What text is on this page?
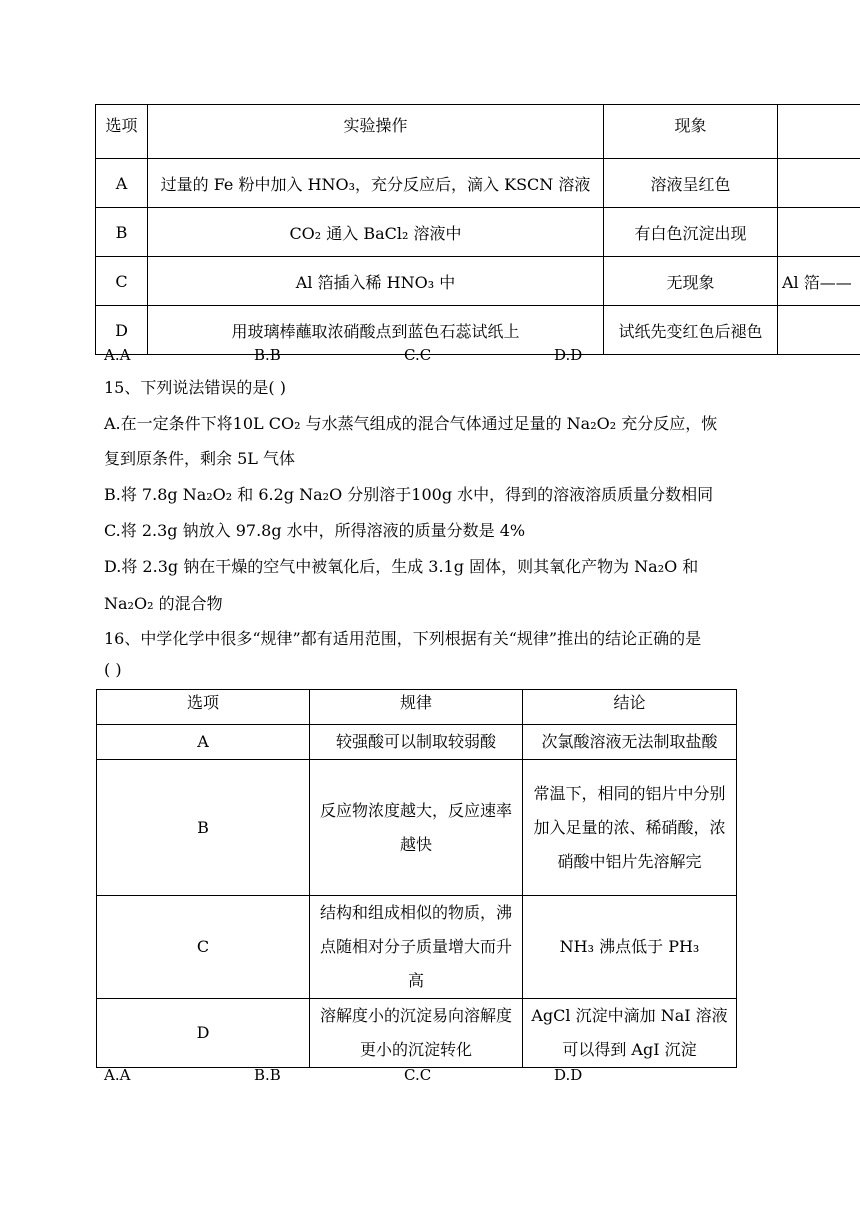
选项	实验操作	现象	
A	过量的 Fe 粉中加入 HNO₃，充分反应后，滴入 KSCN 溶液	溶液呈红色	
B	CO₂ 通入 BaCl₂ 溶液中	有白色沉淀出现	
C	Al 箔插入稀 HNO₃ 中	无现象	Al 箔——
D	用玻璃棒蘸取浓硝酸点到蓝色石蕊试纸上	试纸先变红色后褪色	
A.A	B.B	C.C	D.D
15、下列说法错误的是( )
A.在一定条件下将10L CO₂ 与水蒸气组成的混合气体通过足量的 Na₂O₂ 充分反应，恢
复到原条件，剩余 5L 气体
B.将 7.8g Na₂O₂ 和 6.2g Na₂O 分别溶于100g 水中，得到的溶液溶质质量分数相同
C.将 2.3g 钠放入 97.8g 水中，所得溶液的质量分数是 4%
D.将 2.3g 钠在干燥的空气中被氧化后，生成 3.1g 固体，则其氧化产物为 Na₂O 和
Na₂O₂ 的混合物
16、中学化学中很多“规律”都有适用范围，下列根据有关“规律”推出的结论正确的是
( )
选项	规律	结论
A	较强酸可以制取较弱酸	次氯酸溶液无法制取盐酸
B	反应物浓度越大，反应速率越快	常温下，相同的铝片中分别加入足量的浓、稀硝酸，浓硝酸中铝片先溶解完
C	结构和组成相似的物质，沸点随相对分子质量增大而升高	NH₃ 沸点低于 PH₃
D	溶解度小的沉淀易向溶解度更小的沉淀转化	AgCl 沉淀中滴加 NaI 溶液可以得到 AgI 沉淀
A.A	B.B	C.C	D.D
